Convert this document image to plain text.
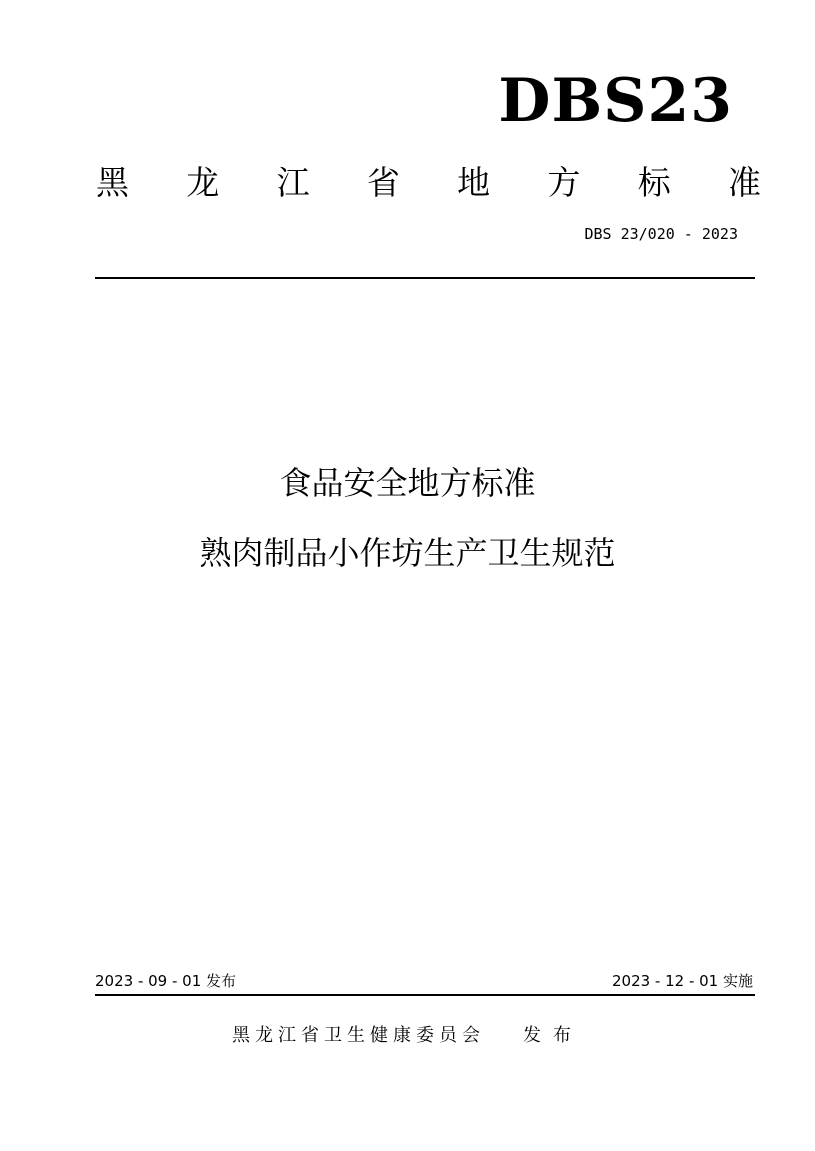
DBS23
黑 龙 江 省 地 方 标 准
DBS 23/020 - 2023
食品安全地方标准
熟肉制品小作坊生产卫生规范
2023 - 09 - 01 发布	2023 - 12 - 01 实施
黑龙江省卫生健康委员会 发布
